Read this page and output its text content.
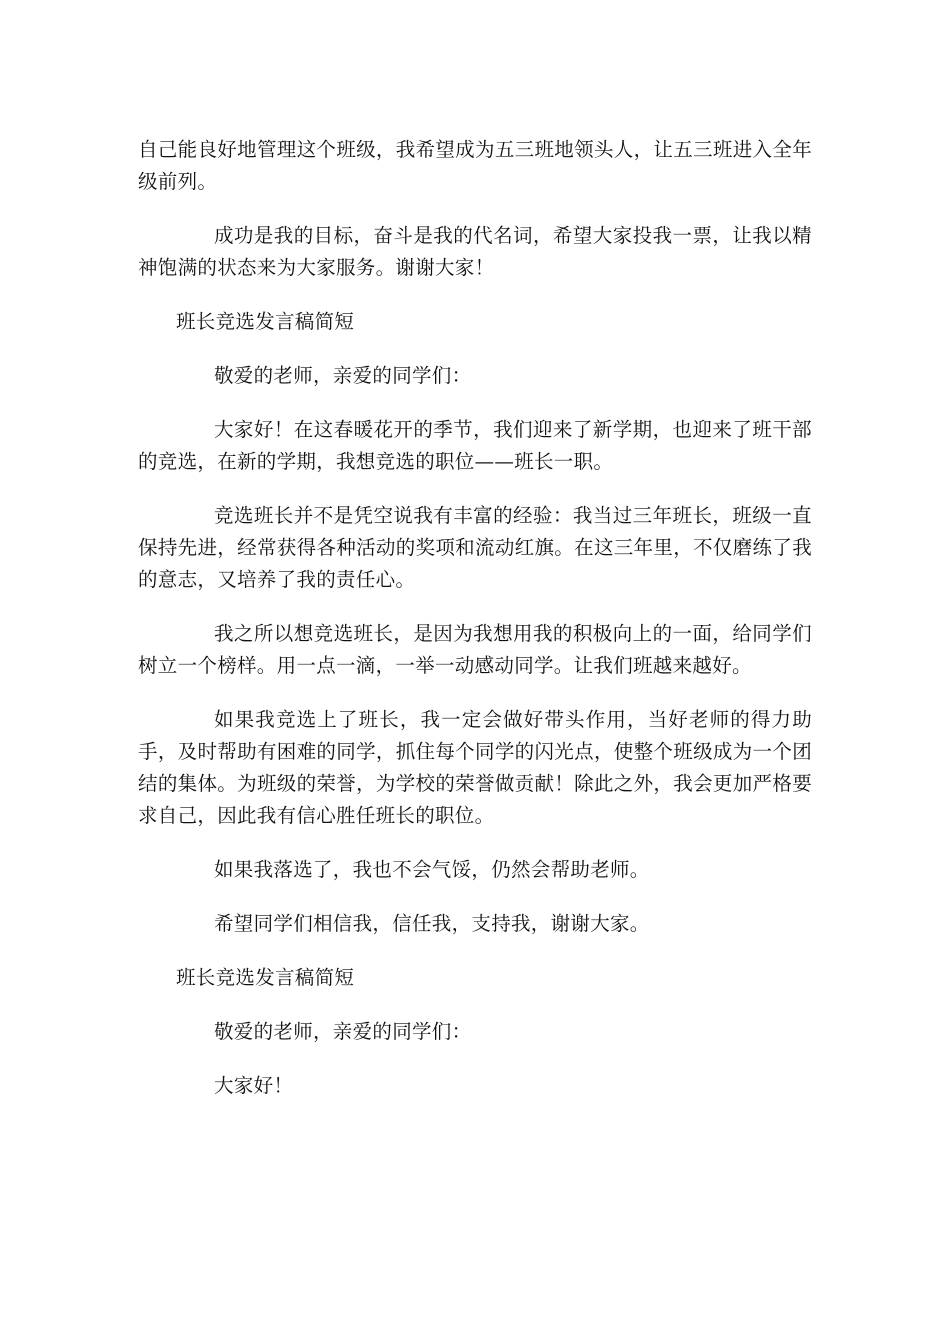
自己能良好地管理这个班级，我希望成为五三班地领头人，让五三班进入全年级前列。

成功是我的目标，奋斗是我的代名词，希望大家投我一票，让我以精神饱满的状态来为大家服务。谢谢大家！

班长竞选发言稿简短

敬爱的老师，亲爱的同学们：

大家好！在这春暖花开的季节，我们迎来了新学期，也迎来了班干部的竞选，在新的学期，我想竞选的职位——班长一职。

竞选班长并不是凭空说我有丰富的经验：我当过三年班长，班级一直保持先进，经常获得各种活动的奖项和流动红旗。在这三年里，不仅磨练了我的意志，又培养了我的责任心。

我之所以想竞选班长，是因为我想用我的积极向上的一面，给同学们树立一个榜样。用一点一滴，一举一动感动同学。让我们班越来越好。

如果我竞选上了班长，我一定会做好带头作用，当好老师的得力助手，及时帮助有困难的同学，抓住每个同学的闪光点，使整个班级成为一个团结的集体。为班级的荣誉，为学校的荣誉做贡献！除此之外，我会更加严格要求自己，因此我有信心胜任班长的职位。

如果我落选了，我也不会气馁，仍然会帮助老师。

希望同学们相信我，信任我，支持我，谢谢大家。

班长竞选发言稿简短

敬爱的老师，亲爱的同学们：

大家好！
